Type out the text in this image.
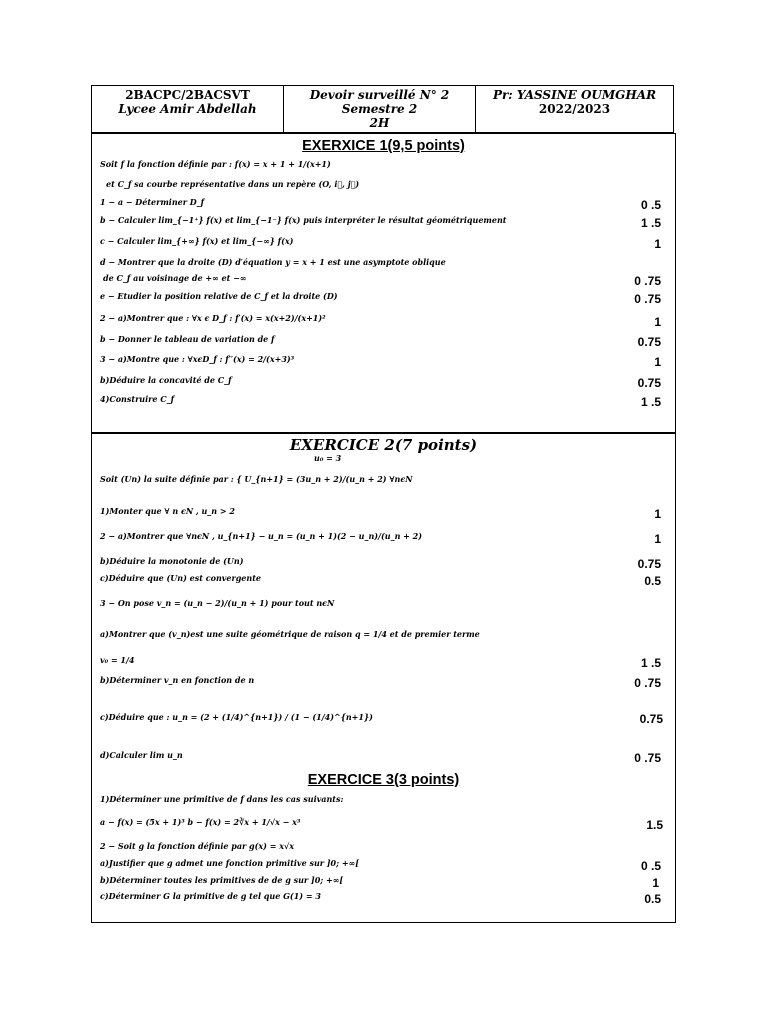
2BACPC/2BACSVT
Lycee Amir Abdellah
Devoir surveillé N° 2
Semestre 2
2H
Pr: YASSINE OUMGHAR
2022/2023
EXERXICE 1(9,5 points)
Soit f la fonction définie par : f(x) = x + 1 + 1/(x+1)
et C_f sa courbe représentative dans un repère (O, i⃗, j⃗)
1 − a − Déterminer D_f	0 .5
b − Calculer lim_{−1⁺} f(x) et lim_{−1⁻} f(x) puis interpréter le résultat géométriquement	1 .5
c − Calculer lim_{+∞} f(x) et lim_{−∞} f(x)	1
d − Montrer que la droite (D) d′équation y = x + 1 est une asymptote oblique
de C_f au voisinage de +∞ et −∞	0 .75
e − Etudier la position relative de C_f et la droite (D)	0 .75
2 − a)Montrer que : ∀x ϵ D_f : f′(x) = x(x+2)/(x+1)²	1
b − Donner le tableau de variation de f	0.75
3 − a)Montre que : ∀xϵD_f : f′′(x) = 2/(x+3)³	1
b)Déduire la concavité de C_f	0.75
4)Construire C_f	1 .5
EXERCICE 2(7 points)
u₀ = 3
Soit (Un) la suite définie par : { U_{n+1} = (3u_n + 2)/(u_n + 2) ∀nϵN
1)Monter que ∀ n ϵN , u_n > 2	1
2 − a)Montrer que ∀nϵN , u_{n+1} − u_n = (u_n + 1)(2 − u_n)/(u_n + 2)	1
b)Déduire la monotonie de (Un)	0.75
c)Déduire que (Un) est convergente	0.5
3 − On pose v_n = (u_n − 2)/(u_n + 1) pour tout nϵN
a)Montrer que (v_n)est une suite géométrique de raison q = 1/4 et de premier terme
v₀ = 1/4	1 .5
b)Déterminer v_n en fonction de n	0 .75
c)Déduire que : u_n = (2 + (1/4)^{n+1}) / (1 − (1/4)^{n+1})	0.75
d)Calculer lim u_n	0 .75
EXERCICE 3(3 points)
1)Déterminer une primitive de f dans les cas suivants:
a − f(x) = (5x + 1)³ b − f(x) = 2∛x + 1/√x − x³	1.5
2 − Soit g la fonction définie par g(x) = x√x
a)Justifier que g admet une fonction primitive sur ]0; +∞[	0 .5
b)Déterminer toutes les primitives de de g sur ]0; +∞[	1
c)Déterminer G la primitive de g tel que G(1) = 3	0.5
